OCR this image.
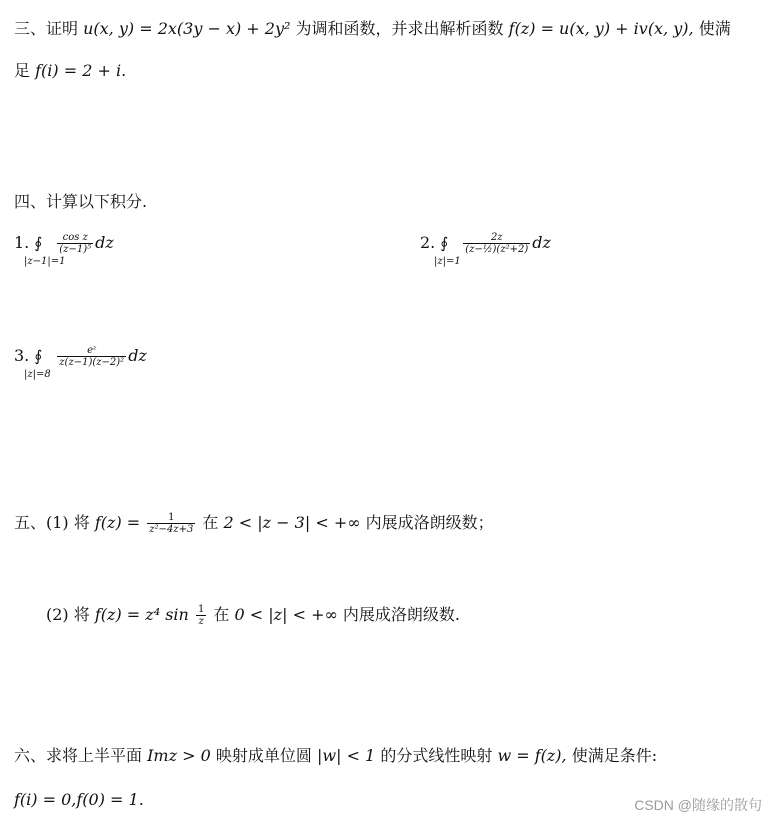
三、证明 u(x, y) = 2x(3y − x) + 2y² 为调和函数，并求出解析函数 f(z) = u(x, y) + iv(x, y), 使满
足 f(i) = 2 + i.
四、计算以下积分.
1. ∮ $\frac{\text{cos z}}{\text{(z−1)⁵}}$ dz
|z−1|=1
2. ∮ $\frac{2z}{\text{(z−½)(z²+2)}}$ dz
|z|=1
3. ∮ $\frac{\text{eᶻ}}{\text{z(z−1)(z−2)²}}$ dz
|z|=8
五、(1) 将 $f(z) = \frac{1}{\text{z²−4z+3}}$ 在 2 < |z − 3| < +∞ 内展成洛朗级数；
(2) 将 f(z) = z⁴ $\sin \frac{1}{z}$ 在 0 < |z| < +∞ 内展成洛朗级数.
六、求将上半平面 Imz > 0 映射成单位圆 |w| < 1 的分式线性映射 w = f(z), 使满足条件:
f(i) = 0,f(0) = 1.	CSDN @随缘的散句
